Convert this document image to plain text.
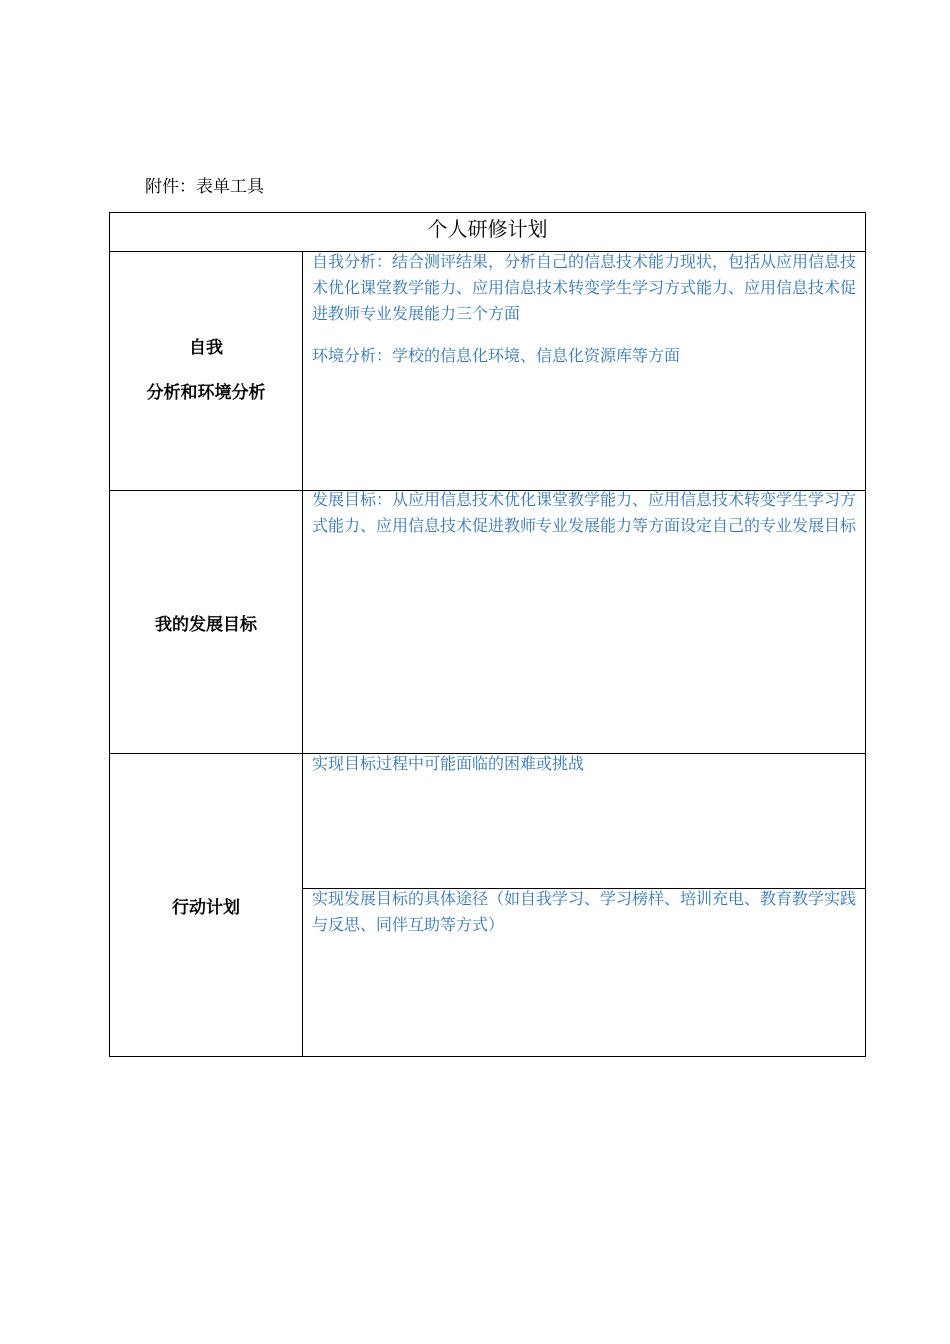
附件：表单工具
个人研修计划
自我
分析和环境分析

自我分析：结合测评结果，分析自己的信息技术能力现状，包括从应用信息技术优化课堂教学能力、应用信息技术转变学生学习方式能力、应用信息技术促进教师专业发展能力三个方面

环境分析：学校的信息化环境、信息化资源库等方面

我的发展目标

发展目标：从应用信息技术优化课堂教学能力、应用信息技术转变学生学习方式能力、应用信息技术促进教师专业发展能力等方面设定自己的专业发展目标

行动计划

实现目标过程中可能面临的困难或挑战

实现发展目标的具体途径（如自我学习、学习榜样、培训充电、教育教学实践与反思、同伴互助等方式）
